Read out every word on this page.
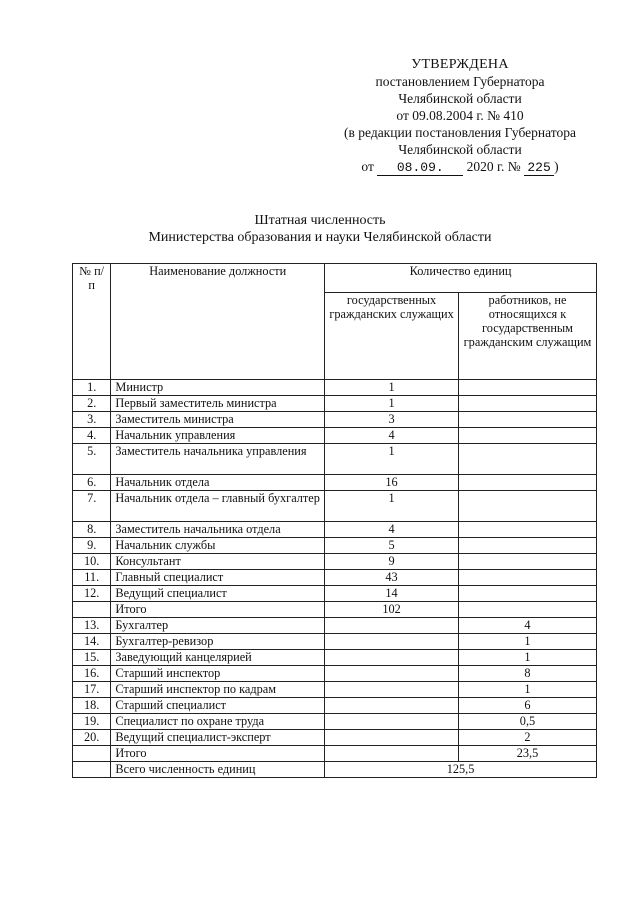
УТВЕРЖДЕНА
постановлением Губернатора
Челябинской области
от 09.08.2004 г. № 410
(в редакции постановления Губернатора
Челябинской области
от 08.09. 2020 г. № 225 )
Штатная численность
Министерства образования и науки Челябинской области
№ п/п	Наименование должности	Количество единиц	
		государственных гражданских служащих	работников, не относящихся к государственным гражданским служащим
1.	Министр	1	
2.	Первый заместитель министра	1	
3.	Заместитель министра	3	
4.	Начальник управления	4	
5.	Заместитель начальника управления	1	
6.	Начальник отдела	16	
7.	Начальник отдела – главный бухгалтер	1	
8.	Заместитель начальника отдела	4	
9.	Начальник службы	5	
10.	Консультант	9	
11.	Главный специалист	43	
12.	Ведущий специалист	14	
	Итого	102	
13.	Бухгалтер		4
14.	Бухгалтер-ревизор		1
15.	Заведующий канцелярией		1
16.	Старший инспектор		8
17.	Старший инспектор по кадрам		1
18.	Старший специалист		6
19.	Специалист по охране труда		0,5
20.	Ведущий специалист-эксперт		2
	Итого		23,5
	Всего численность единиц	125,5	
